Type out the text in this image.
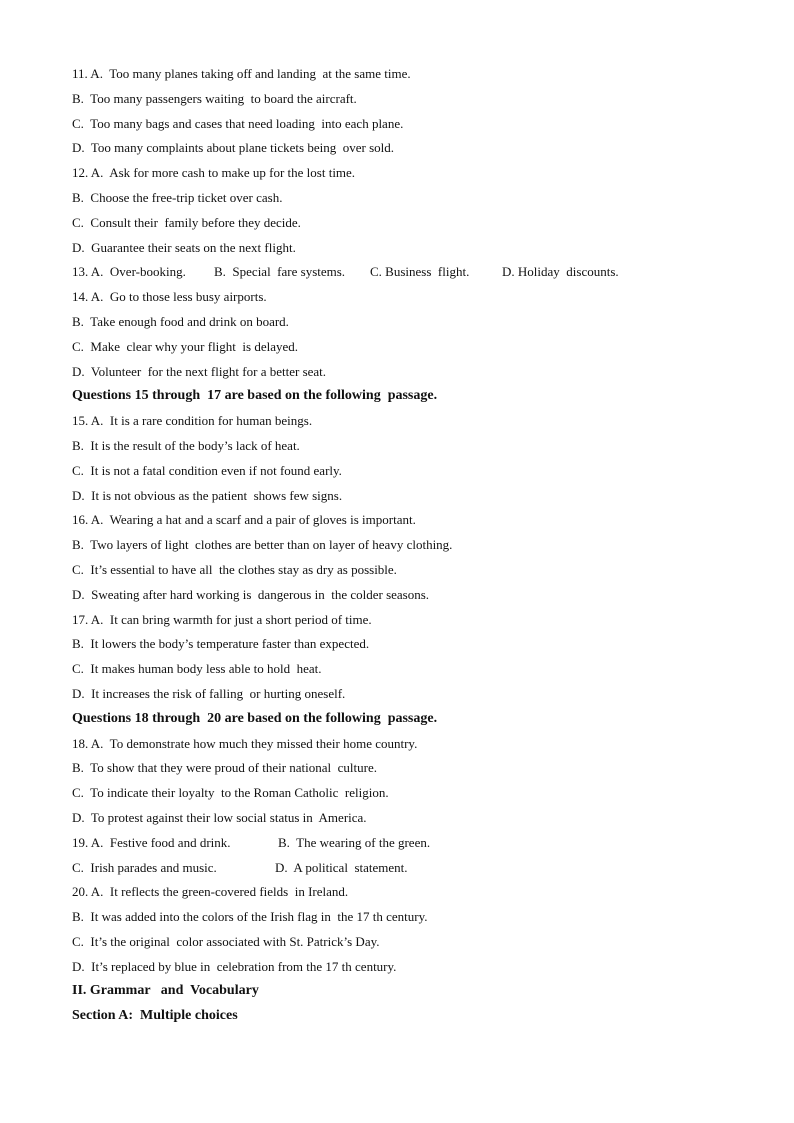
11. A.  Too many planes taking off and landing  at the same time.
B.  Too many passengers waiting  to board the aircraft.
C.  Too many bags and cases that need loading  into each plane.
D.  Too many complaints about plane tickets being  over sold.
12. A.  Ask for more cash to make up for the lost time.
B.  Choose the free-trip ticket over cash.
C.  Consult their  family before they decide.
D.  Guarantee their seats on the next flight.
13. A.  Over-booking.	B.  Special  fare systems.	C. Business  flight.	D. Holiday  discounts.
14. A.  Go to those less busy airports.
B.  Take enough food and drink on board.
C.  Make  clear why your flight  is delayed.
D.  Volunteer  for the next flight for a better seat.
Questions 15 through  17 are based on the following  passage.
15. A.  It is a rare condition for human beings.
B.  It is the result of the body’s lack of heat.
C.  It is not a fatal condition even if not found early.
D.  It is not obvious as the patient  shows few signs.
16. A.  Wearing a hat and a scarf and a pair of gloves is important.
B.  Two layers of light  clothes are better than on layer of heavy clothing.
C.  It’s essential to have all  the clothes stay as dry as possible.
D.  Sweating after hard working is  dangerous in  the colder seasons.
17. A.  It can bring warmth for just a short period of time.
B.  It lowers the body’s temperature faster than expected.
C.  It makes human body less able to hold  heat.
D.  It increases the risk of falling  or hurting oneself.
Questions 18 through  20 are based on the following  passage.
18. A.  To demonstrate how much they missed their home country.
B.  To show that they were proud of their national  culture.
C.  To indicate their loyalty  to the Roman Catholic  religion.
D.  To protest against their low social status in  America.
19. A.  Festive food and drink.	B.  The wearing of the green.
C.  Irish parades and music.	D.  A political  statement.
20. A.  It reflects the green-covered fields  in Ireland.
B.  It was added into the colors of the Irish flag in  the 17 th century.
C.  It’s the original  color associated with St. Patrick’s Day.
D.  It’s replaced by blue in  celebration from the 17 th century.
II. Grammar   and  Vocabulary
Section A:  Multiple choices
